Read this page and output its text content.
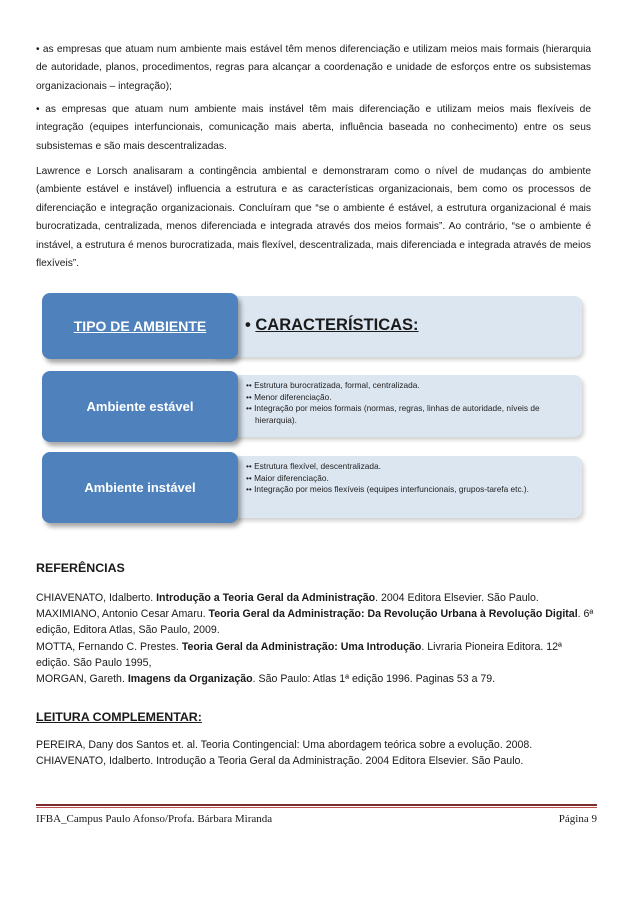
• as empresas que atuam num ambiente mais estável têm menos diferenciação e utilizam meios mais formais (hierarquia de autoridade, planos, procedimentos, regras para alcançar a coordenação e unidade de esforços entre os subsistemas organizacionais – integração);
• as empresas que atuam num ambiente mais instável têm mais diferenciação e utilizam meios mais flexíveis de integração (equipes interfuncionais, comunicação mais aberta, influência baseada no conhecimento) entre os seus subsistemas e são mais descentralizadas.
Lawrence e Lorsch analisaram a contingência ambiental e demonstraram como o nível de mudanças do ambiente (ambiente estável e instável) influencia a estrutura e as características organizacionais, bem como os processos de diferenciação e integração organizacionais. Concluíram que “se o ambiente é estável, a estrutura organizacional é mais burocratizada, centralizada, menos diferenciada e integrada através dos meios formais”. Ao contrário, “se o ambiente é instável, a estrutura é menos burocratizada, mais flexível, descentralizada, mais diferenciada e integrada através de meios flexíveis”.
• CARACTERÍSTICAS:
TIPO DE AMBIENTE
•• Estrutura burocratizada, formal, centralizada.
•• Menor diferenciação.
•• Integração por meios formais (normas, regras, linhas de autoridade, níveis de hierarquia).
Ambiente estável
•• Estrutura flexível, descentralizada.
•• Maior diferenciação.
•• Integração por meios flexíveis (equipes interfuncionais, grupos-tarefa etc.).
Ambiente instável
REFERÊNCIAS
CHIAVENATO, Idalberto. Introdução a Teoria Geral da Administração. 2004 Editora Elsevier. São Paulo.
MAXIMIANO, Antonio Cesar Amaru. Teoria Geral da Administração: Da Revolução Urbana à Revolução Digital. 6ª edição, Editora Atlas, São Paulo, 2009.
MOTTA, Fernando C. Prestes. Teoria Geral da Administração: Uma Introdução. Livraria Pioneira Editora. 12ª edição. São Paulo 1995,
MORGAN, Gareth. Imagens da Organização. São Paulo: Atlas 1ª edição 1996. Paginas 53 a 79.
LEITURA COMPLEMENTAR:
PEREIRA, Dany dos Santos et. al. Teoria Contingencial: Uma abordagem teórica sobre a evolução. 2008.
CHIAVENATO, Idalberto. Introdução a Teoria Geral da Administração. 2004 Editora Elsevier. São Paulo.
IFBA_Campus Paulo Afonso/Profa. Bárbara Miranda	Página 9
